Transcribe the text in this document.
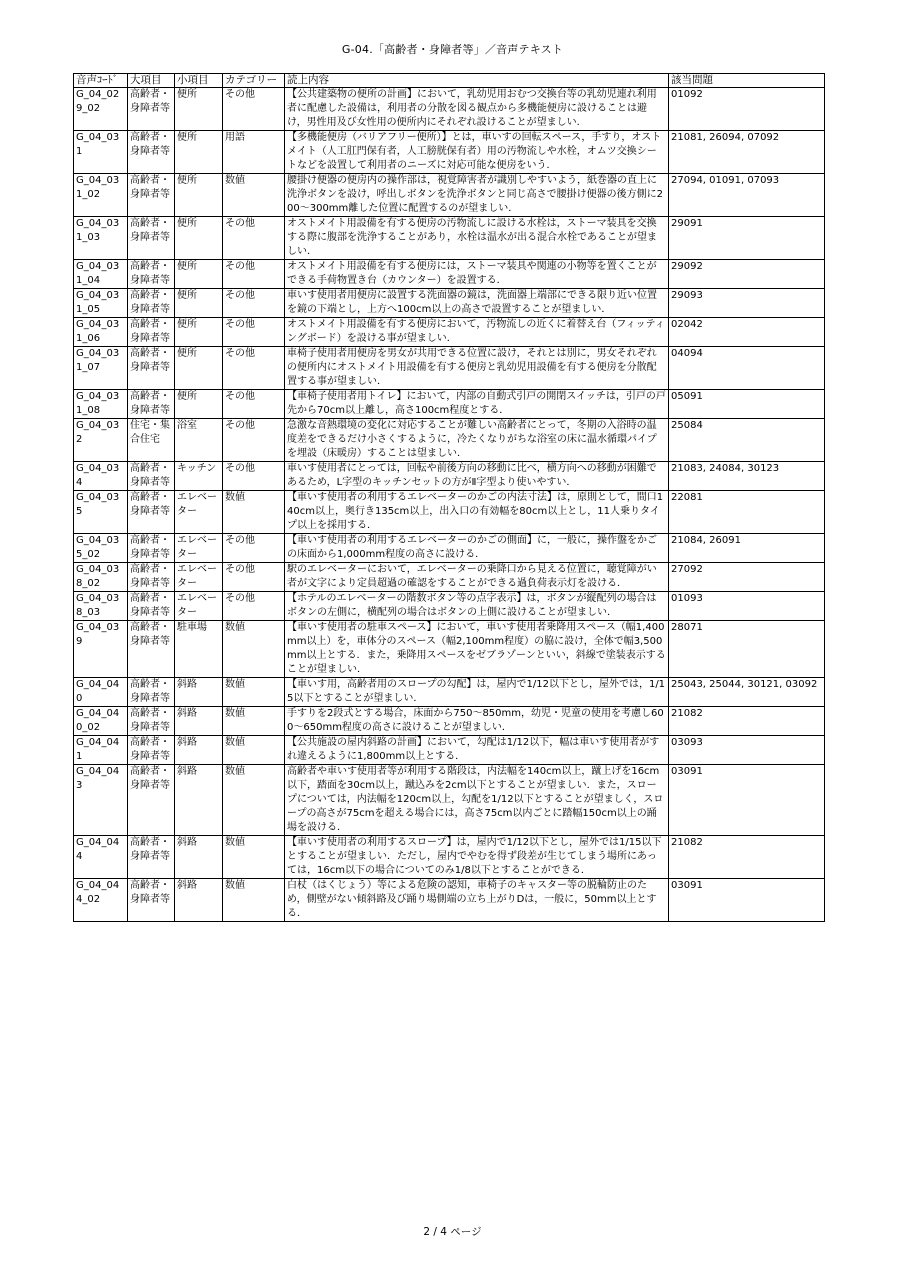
G-04.「高齢者・身障者等」／音声テキスト
音声ｺｰﾄﾞ	大項目	小項目	カテゴリー	読上内容	該当問題
G_04_029_02	高齢者・身障者等	便所	その他	【公共建築物の便所の計画】において，乳幼児用おむつ交換台等の乳幼児連れ利用者に配慮した設備は，利用者の分散を図る観点から多機能便房に設けることは避け，男性用及び女性用の便所内にそれぞれ設けることが望ましい．	01092
G_04_031	高齢者・身障者等	便所	用語	【多機能便房（バリアフリー便所）】とは，車いすの回転スペース，手すり，オストメイト（人工肛門保有者，人工膀胱保有者）用の汚物流しや水栓，オムツ交換シートなどを設置して利用者のニーズに対応可能な便房をいう．	21081, 26094, 07092
G_04_031_02	高齢者・身障者等	便所	数値	腰掛け便器の便房内の操作部は，視覚障害者が識別しやすいよう，紙巻器の直上に洗浄ボタンを設け，呼出しボタンを洗浄ボタンと同じ高さで腰掛け便器の後方側に200～300mm離した位置に配置するのが望ましい．	27094, 01091, 07093
G_04_031_03	高齢者・身障者等	便所	その他	オストメイト用設備を有する便房の汚物流しに設ける水栓は，ストーマ装具を交換する際に腹部を洗浄することがあり，水栓は温水が出る混合水栓であることが望ましい．	29091
G_04_031_04	高齢者・身障者等	便所	その他	オストメイト用設備を有する便房には，ストーマ装具や関連の小物等を置くことができる手荷物置き台（カウンター）を設置する．	29092
G_04_031_05	高齢者・身障者等	便所	その他	車いす使用者用便房に設置する洗面器の鏡は，洗面器上端部にできる限り近い位置を鏡の下端とし，上方へ100cm以上の高さで設置することが望ましい．	29093
G_04_031_06	高齢者・身障者等	便所	その他	オストメイト用設備を有する便房において，汚物流しの近くに着替え台（フィッティングボード）を設ける事が望ましい．	02042
G_04_031_07	高齢者・身障者等	便所	その他	車椅子使用者用便房を男女が共用できる位置に設け，それとは別に，男女それぞれの便所内にオストメイト用設備を有する便房と乳幼児用設備を有する便房を分散配置する事が望ましい．	04094
G_04_031_08	高齢者・身障者等	便所	その他	【車椅子使用者用トイレ】において，内部の自動式引戸の開閉スイッチは，引戸の戸先から70cm以上離し，高さ100cm程度とする．	05091
G_04_032	住宅・集合住宅	浴室	その他	急激な音熱環境の変化に対応することが難しい高齢者にとって，冬期の入浴時の温度差をできるだけ小さくするように，冷たくなりがちな浴室の床に温水循環パイプを埋設（床暖房）することは望ましい．	25084
G_04_034	高齢者・身障者等	キッチン	その他	車いす使用者にとっては，回転や前後方向の移動に比べ，横方向への移動が困難であるため，L字型のキッチンセットの方がⅡ字型より使いやすい．	21083, 24084, 30123
G_04_035	高齢者・身障者等	エレベーター	数値	【車いす使用者の利用するエレベーターのかごの内法寸法】は，原則として，間口140cm以上，奥行き135cm以上，出入口の有効幅を80cm以上とし，11人乗りタイプ以上を採用する．	22081
G_04_035_02	高齢者・身障者等	エレベーター	その他	【車いす使用者の利用するエレベーターのかごの側面】に，一般に，操作盤をかごの床面から1,000mm程度の高さに設ける．	21084, 26091
G_04_038_02	高齢者・身障者等	エレベーター	その他	駅のエレベーターにおいて，エレベーターの乗降口から見える位置に，聴覚障がい者が文字により定員超過の確認をすることができる過負荷表示灯を設ける．	27092
G_04_038_03	高齢者・身障者等	エレベーター	その他	【ホテルのエレベーターの階数ボタン等の点字表示】は，ボタンが縦配列の場合はボタンの左側に，横配列の場合はボタンの上側に設けることが望ましい．	01093
G_04_039	高齢者・身障者等	駐車場	数値	【車いす使用者の駐車スペース】において，車いす使用者乗降用スペース（幅1,400mm以上）を，車体分のスペース（幅2,100mm程度）の脇に設け，全体で幅3,500mm以上とする．また，乗降用スペースをゼブラゾーンといい，斜線で塗装表示することが望ましい．	28071
G_04_040	高齢者・身障者等	斜路	数値	【車いす用，高齢者用のスロープの勾配】は，屋内で1/12以下とし，屋外では，1/15以下とすることが望ましい．	25043, 25044, 30121, 03092
G_04_040_02	高齢者・身障者等	斜路	数値	手すりを2段式とする場合，床面から750～850mm，幼児・児童の使用を考慮し600～650mm程度の高さに設けることが望ましい．	21082
G_04_041	高齢者・身障者等	斜路	数値	【公共施設の屋内斜路の計画】において，勾配は1/12以下，幅は車いす使用者がすれ違えるように1,800mm以上とする．	03093
G_04_043	高齢者・身障者等	斜路	数値	高齢者や車いす使用者等が利用する階段は，内法幅を140cm以上，蹴上げを16cm以下，踏面を30cm以上，蹴込みを2cm以下とすることが望ましい．また，スロープについては，内法幅を120cm以上，勾配を1/12以下とすることが望ましく，スロープの高さが75cmを超える場合には，高さ75cm以内ごとに踏幅150cm以上の踊場を設ける．	03091
G_04_044	高齢者・身障者等	斜路	数値	【車いす使用者の利用するスロープ】は，屋内で1/12以下とし，屋外では1/15以下とすることが望ましい．ただし，屋内でやむを得ず段差が生じてしまう場所にあっては，16cm以下の場合についてのみ1/8以下とすることができる．	21082
G_04_044_02	高齢者・身障者等	斜路	数値	白杖（はくじょう）等による危険の認知，車椅子のキャスター等の脱輪防止のため，側壁がない傾斜路及び踊り場側端の立ち上がりDは，一般に，50mm以上とする．	03091
2 / 4 ページ
